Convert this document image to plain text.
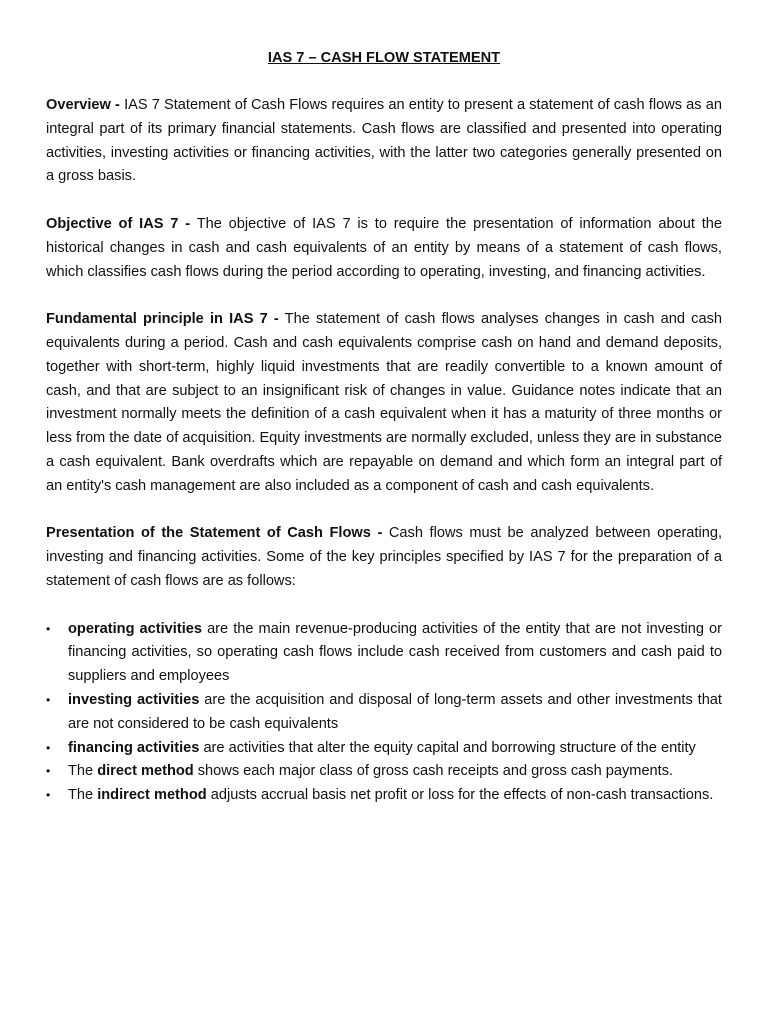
IAS 7 – CASH FLOW STATEMENT

Overview - IAS 7 Statement of Cash Flows requires an entity to present a statement of cash flows as an integral part of its primary financial statements. Cash flows are classified and presented into operating activities, investing activities or financing activities, with the latter two categories generally presented on a gross basis.

Objective of IAS 7 - The objective of IAS 7 is to require the presentation of information about the historical changes in cash and cash equivalents of an entity by means of a statement of cash flows, which classifies cash flows during the period according to operating, investing, and financing activities.

Fundamental principle in IAS 7 - The statement of cash flows analyses changes in cash and cash equivalents during a period. Cash and cash equivalents comprise cash on hand and demand deposits, together with short-term, highly liquid investments that are readily convertible to a known amount of cash, and that are subject to an insignificant risk of changes in value. Guidance notes indicate that an investment normally meets the definition of a cash equivalent when it has a maturity of three months or less from the date of acquisition. Equity investments are normally excluded, unless they are in substance a cash equivalent. Bank overdrafts which are repayable on demand and which form an integral part of an entity's cash management are also included as a component of cash and cash equivalents.

Presentation of the Statement of Cash Flows - Cash flows must be analyzed between operating, investing and financing activities. Some of the key principles specified by IAS 7 for the preparation of a statement of cash flows are as follows:

•	operating activities are the main revenue-producing activities of the entity that are not investing or financing activities, so operating cash flows include cash received from customers and cash paid to suppliers and employees
•	investing activities are the acquisition and disposal of long-term assets and other investments that are not considered to be cash equivalents
•	financing activities are activities that alter the equity capital and borrowing structure of the entity
•	The direct method shows each major class of gross cash receipts and gross cash payments.
•	The indirect method adjusts accrual basis net profit or loss for the effects of non-cash transactions.
